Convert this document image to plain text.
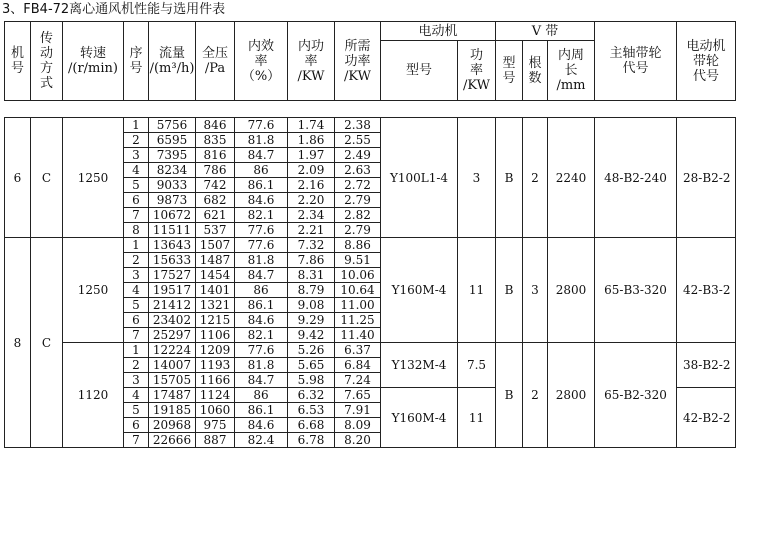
3、FB4-72离心通风机性能与选用件表
机
号	传
动
方
式	转速
/(r/min)	序
号	流量
/(m³/h)	全压
/Pa	内效
率
（%）	内功
率
/KW	所需
功率
/KW	电动机		V 带			主轴带轮
代号	电动机
带轮
代号
									型号	功
率
/KW	型
号	根
数	内周
长
/mm		

6	C	1250	1	5756	846	77.6	1.74	2.38	Y100L1-4	3	B	2	2240	48-B2-240	28-B2-2
			2	6595	835	81.8	1.86	2.55							
			3	7395	816	84.7	1.97	2.49							
			4	8234	786	86	2.09	2.63							
			5	9033	742	86.1	2.16	2.72							
			6	9873	682	84.6	2.20	2.79							
			7	10672	621	82.1	2.34	2.82							
			8	11511	537	77.6	2.21	2.79							
8	C	1250	1	13643	1507	77.6	7.32	8.86	Y160M-4	11	B	3	2800	65-B3-320	42-B3-2
			2	15633	1487	81.8	7.86	9.51							
			3	17527	1454	84.7	8.31	10.06							
			4	19517	1401	86	8.79	10.64							
			5	21412	1321	86.1	9.08	11.00							
			6	23402	1215	84.6	9.29	11.25							
			7	25297	1106	82.1	9.42	11.40							
		1120	1	12224	1209	77.6	5.26	6.37	Y132M-4	7.5	B	2	2800	65-B2-320	38-B2-2
			2	14007	1193	81.8	5.65	6.84							
			3	15705	1166	84.7	5.98	7.24							
			4	17487	1124	86	6.32	7.65	Y160M-4	11					42-B2-2
			5	19185	1060	86.1	6.53	7.91							
			6	20968	975	84.6	6.68	8.09							
			7	22666	887	82.4	6.78	8.20							
